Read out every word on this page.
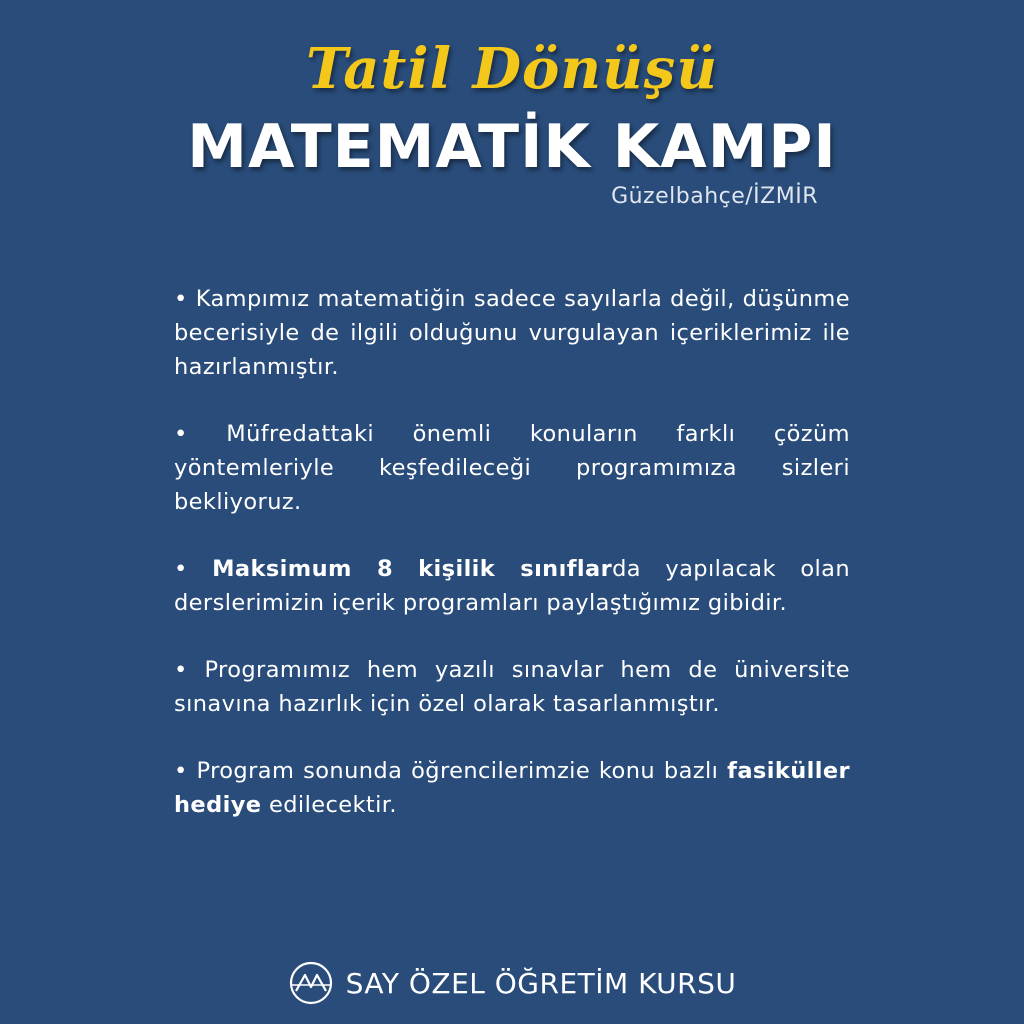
Tatil Dönüşü
MATEMATİK KAMPI
Güzelbahçe/İZMİR

• Kampımız matematiğin sadece sayılarla değil, düşünme becerisiyle de ilgili olduğunu vurgulayan içeriklerimiz ile hazırlanmıştır.

• Müfredattaki önemli konuların farklı çözüm yöntemleriyle keşfedileceği programımıza sizleri bekliyoruz.

• Maksimum 8 kişilik sınıflarda yapılacak olan derslerimizin içerik programları paylaştığımız gibidir.

• Programımız hem yazılı sınavlar hem de üniversite sınavına hazırlık için özel olarak tasarlanmıştır.

• Program sonunda öğrencilerimzie konu bazlı fasiküller hediye edilecektir.

SAY ÖZEL ÖĞRETİM KURSU
